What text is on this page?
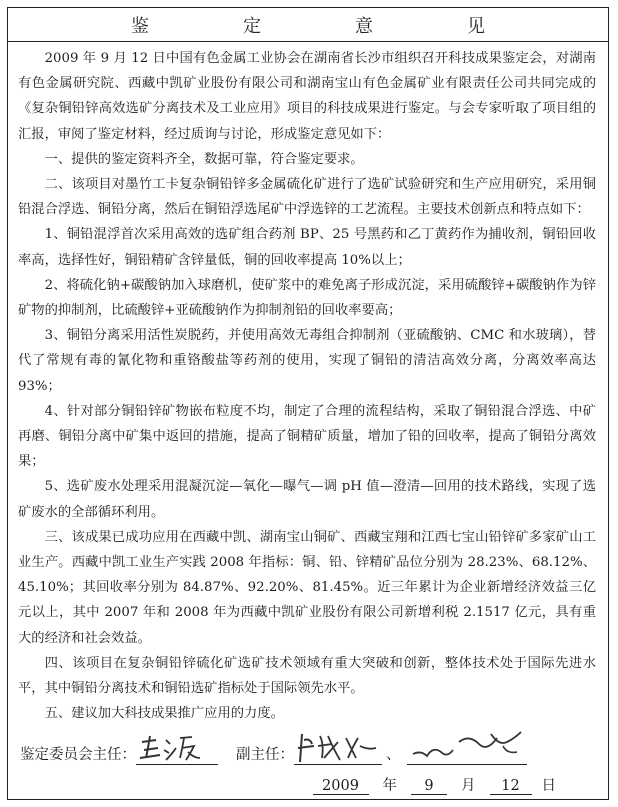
鉴　定　意　见

2009 年 9 月 12 日中国有色金属工业协会在湖南省长沙市组织召开科技成果鉴定会，对湖南有色金属研究院、西藏中凯矿业股份有限公司和湖南宝山有色金属矿业有限责任公司共同完成的《复杂铜铅锌高效选矿分离技术及工业应用》项目的科技成果进行鉴定。与会专家听取了项目组的汇报，审阅了鉴定材料，经过质询与讨论，形成鉴定意见如下：

一、提供的鉴定资料齐全，数据可靠，符合鉴定要求。

二、该项目对墨竹工卡复杂铜铅锌多金属硫化矿进行了选矿试验研究和生产应用研究，采用铜铅混合浮选、铜铅分离，然后在铜铅浮选尾矿中浮选锌的工艺流程。主要技术创新点和特点如下：

1、铜铅混浮首次采用高效的选矿组合药剂 BP、25 号黑药和乙丁黄药作为捕收剂，铜铅回收率高，选择性好，铜铅精矿含锌量低，铜的回收率提高 10%以上；

2、将硫化钠+碳酸钠加入球磨机，使矿浆中的难免离子形成沉淀，采用硫酸锌+碳酸钠作为锌矿物的抑制剂，比硫酸锌+亚硫酸钠作为抑制剂铅的回收率要高；

3、铜铅分离采用活性炭脱药，并使用高效无毒组合抑制剂（亚硫酸钠、CMC 和水玻璃），替代了常规有毒的氰化物和重铬酸盐等药剂的使用，实现了铜铅的清洁高效分离，分离效率高达 93%；

4、针对部分铜铅锌矿物嵌布粒度不均，制定了合理的流程结构，采取了铜铅混合浮选、中矿再磨、铜铅分离中矿集中返回的措施，提高了铜精矿质量，增加了铅的回收率，提高了铜铅分离效果；

5、选矿废水处理采用混凝沉淀—氧化—曝气—调 pH 值—澄清—回用的技术路线，实现了选矿废水的全部循环利用。

三、该成果已成功应用在西藏中凯、湖南宝山铜矿、西藏宝翔和江西七宝山铅锌矿多家矿山工业生产。西藏中凯工业生产实践 2008 年指标：铜、铅、锌精矿品位分别为 28.23%、68.12%、45.10%；其回收率分别为 84.87%、92.20%、81.45%。近三年累计为企业新增经济效益三亿元以上，其中 2007 年和 2008 年为西藏中凯矿业股份有限公司新增利税 2.1517 亿元，具有重大的经济和社会效益。

四、该项目在复杂铜铅锌硫化矿选矿技术领域有重大突破和创新，整体技术处于国际先进水平，其中铜铅分离技术和铜铅选矿指标处于国际领先水平。

五、建议加大科技成果推广应用的力度。

鉴定委员会主任：	副主任：	、
2009	年	9	月	12	日
